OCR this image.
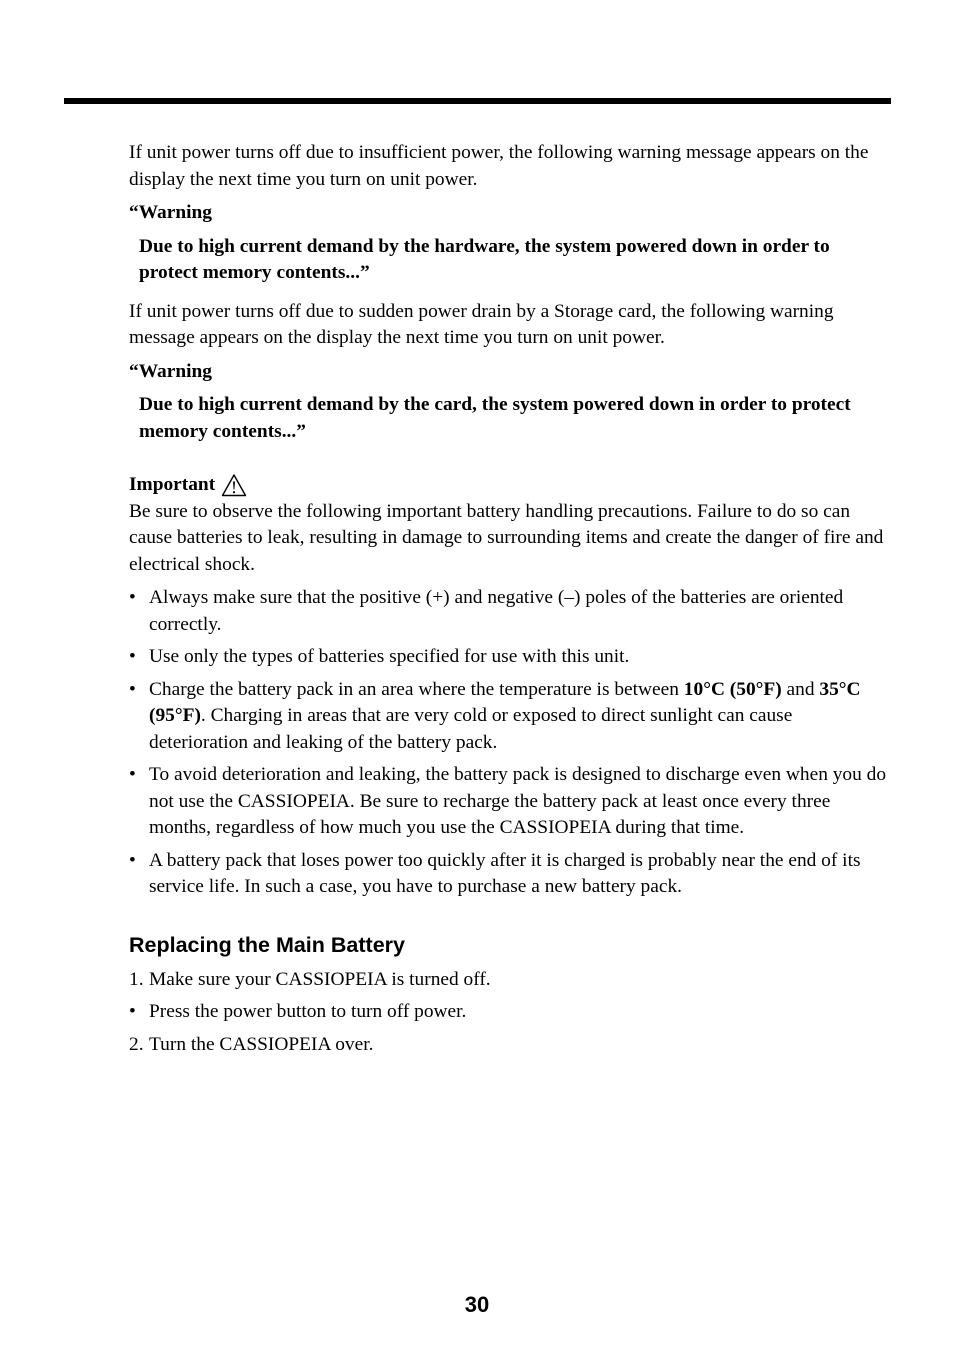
If unit power turns off due to insufficient power, the following warning message appears on the display the next time you turn on unit power.

“Warning

Due to high current demand by the hardware, the system powered down in order to protect memory contents...”

If unit power turns off due to sudden power drain by a Storage card, the following warning message appears on the display the next time you turn on unit power.

“Warning

Due to high current demand by the card, the system powered down in order to protect memory contents...”

Important

Be sure to observe the following important battery handling precautions. Failure to do so can cause batteries to leak, resulting in damage to surrounding items and create the danger of fire and electrical shock.

• Always make sure that the positive (+) and negative (–) poles of the batteries are oriented correctly.
• Use only the types of batteries specified for use with this unit.
• Charge the battery pack in an area where the temperature is between 10°C (50°F) and 35°C (95°F). Charging in areas that are very cold or exposed to direct sunlight can cause deterioration and leaking of the battery pack.
• To avoid deterioration and leaking, the battery pack is designed to discharge even when you do not use the CASSIOPEIA. Be sure to recharge the battery pack at least once every three months, regardless of how much you use the CASSIOPEIA during that time.
• A battery pack that loses power too quickly after it is charged is probably near the end of its service life. In such a case, you have to purchase a new battery pack.
Replacing the Main Battery
1. Make sure your CASSIOPEIA is turned off.
• Press the power button to turn off power.
2. Turn the CASSIOPEIA over.
30
